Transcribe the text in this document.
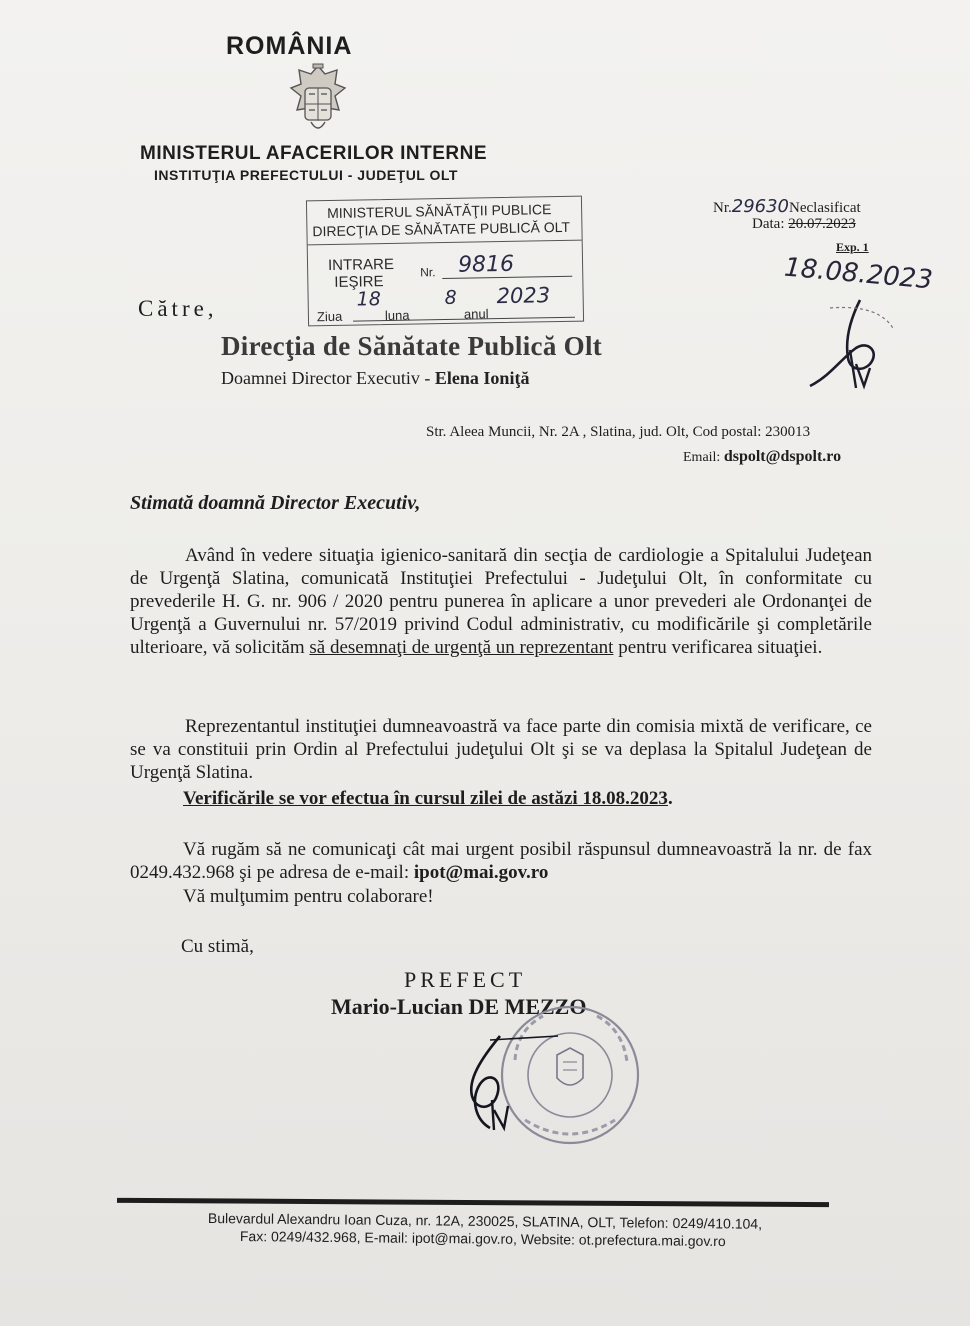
ROMÂNIA
MINISTERUL AFACERILOR INTERNE
INSTITUŢIA PREFECTULUI - JUDEŢUL OLT
MINISTERUL SĂNĂTĂŢII PUBLICE
DIRECŢIA DE SĂNĂTATE PUBLICĂ OLT
INTRARE
IEŞIRE
Nr. 9816
Ziua
18
luna
8
anul
2023
Nr.29630Neclasificat
Data: 20.07.2023
Exp. 1
18.08.2023
Către,
Direcţia de Sănătate Publică Olt
Doamnei Director Executiv - Elena Ioniţă
Str. Aleea Muncii, Nr. 2A , Slatina, jud. Olt, Cod postal: 230013
Email: dspolt@dspolt.ro
Stimată doamnă Director Executiv,
Având în vedere situaţia igienico-sanitară din secţia de cardiologie a Spitalului Judeţean de Urgenţă Slatina, comunicată Instituţiei Prefectului - Judeţului Olt, în conformitate cu prevederile H. G. nr. 906 / 2020 pentru punerea în aplicare a unor prevederi ale Ordonanţei de Urgenţă a Guvernului nr. 57/2019 privind Codul administrativ, cu modificările şi completările ulterioare, vă solicităm să desemnaţi de urgenţă un reprezentant pentru verificarea situaţiei.
Reprezentantul instituţiei dumneavoastră va face parte din comisia mixtă de verificare, ce se va constituii prin Ordin al Prefectului judeţului Olt şi se va deplasa la Spitalul Judeţean de Urgenţă Slatina.
Verificările se vor efectua în cursul zilei de astăzi 18.08.2023.
Vă rugăm să ne comunicaţi cât mai urgent posibil răspunsul dumneavoastră la nr. de fax 0249.432.968 şi pe adresa de e-mail: ipot@mai.gov.ro
Vă mulţumim pentru colaborare!
Cu stimă,
PREFECT
Mario-Lucian DE MEZZO
Bulevardul Alexandru Ioan Cuza, nr. 12A, 230025, SLATINA, OLT, Telefon: 0249/410.104,
Fax: 0249/432.968, E-mail: ipot@mai.gov.ro, Website: ot.prefectura.mai.gov.ro
